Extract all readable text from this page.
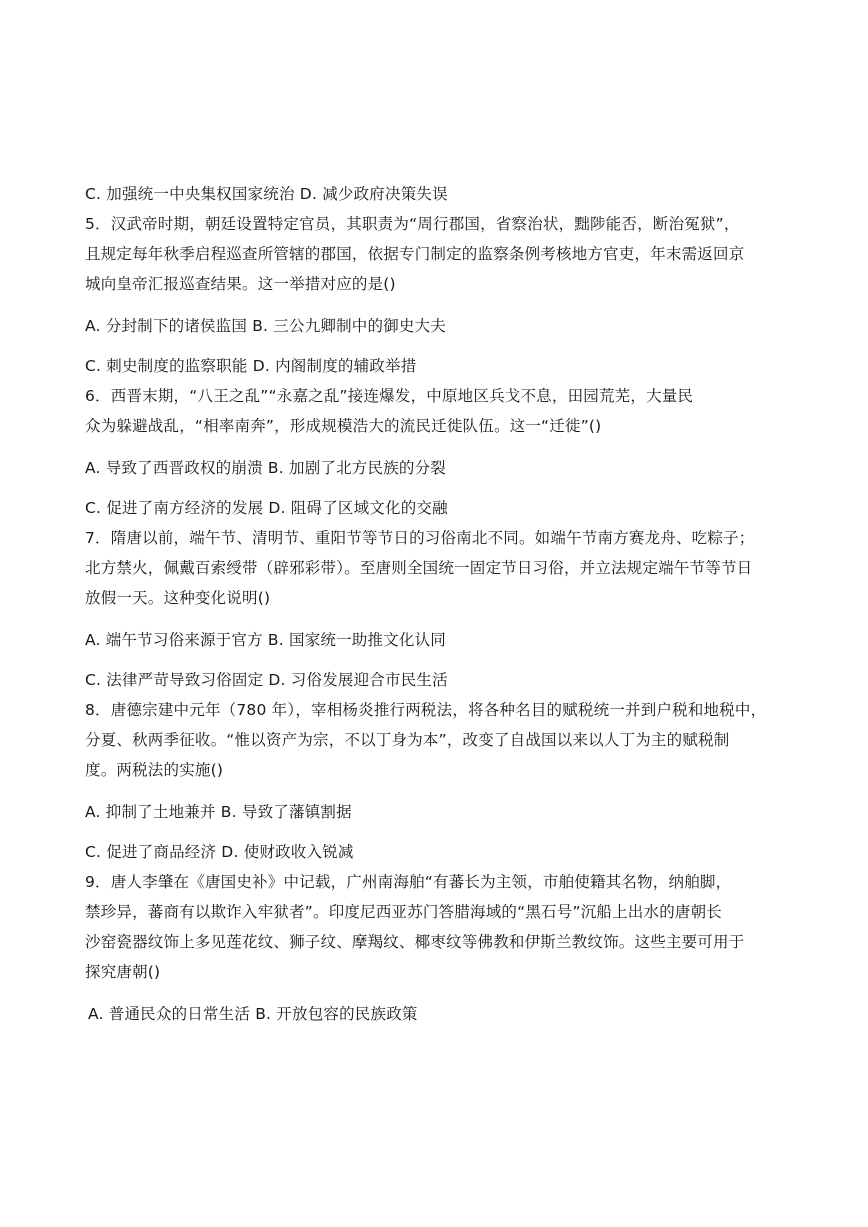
C. 加强统一中央集权国家统治 D. 减少政府决策失误
5．汉武帝时期，朝廷设置特定官员，其职责为“周行郡国，省察治状，黜陟能否，断治冤狱”，
且规定每年秋季启程巡查所管辖的郡国，依据专门制定的监察条例考核地方官吏，年末需返回京
城向皇帝汇报巡查结果。这一举措对应的是()
A. 分封制下的诸侯监国 B. 三公九卿制中的御史大夫
C. 刺史制度的监察职能 D. 内阁制度的辅政举措
6．西晋末期，“八王之乱”“永嘉之乱”接连爆发，中原地区兵戈不息，田园荒芜，大量民
众为躲避战乱，“相率南奔”，形成规模浩大的流民迁徙队伍。这一“迁徙”()
A. 导致了西晋政权的崩溃 B. 加剧了北方民族的分裂
C. 促进了南方经济的发展 D. 阻碍了区域文化的交融
7．隋唐以前，端午节、清明节、重阳节等节日的习俗南北不同。如端午节南方赛龙舟、吃粽子；
北方禁火，佩戴百索绶带（辟邪彩带）。至唐则全国统一固定节日习俗，并立法规定端午节等节日
放假一天。这种变化说明()
A. 端午节习俗来源于官方 B. 国家统一助推文化认同
C. 法律严苛导致习俗固定 D. 习俗发展迎合市民生活
8．唐德宗建中元年（780 年），宰相杨炎推行两税法，将各种名目的赋税统一并到户税和地税中，
分夏、秋两季征收。“惟以资产为宗，不以丁身为本”，改变了自战国以来以人丁为主的赋税制
度。两税法的实施()
A. 抑制了土地兼并 B. 导致了藩镇割据
C. 促进了商品经济 D. 使财政收入锐减
9．唐人李肇在《唐国史补》中记载，广州南海舶“有蕃长为主领，市舶使籍其名物，纳舶脚，
禁珍异，蕃商有以欺诈入牢狱者”。印度尼西亚苏门答腊海域的“黑石号”沉船上出水的唐朝长
沙窑瓷器纹饰上多见莲花纹、狮子纹、摩羯纹、椰枣纹等佛教和伊斯兰教纹饰。这些主要可用于
探究唐朝()
A. 普通民众的日常生活 B. 开放包容的民族政策
